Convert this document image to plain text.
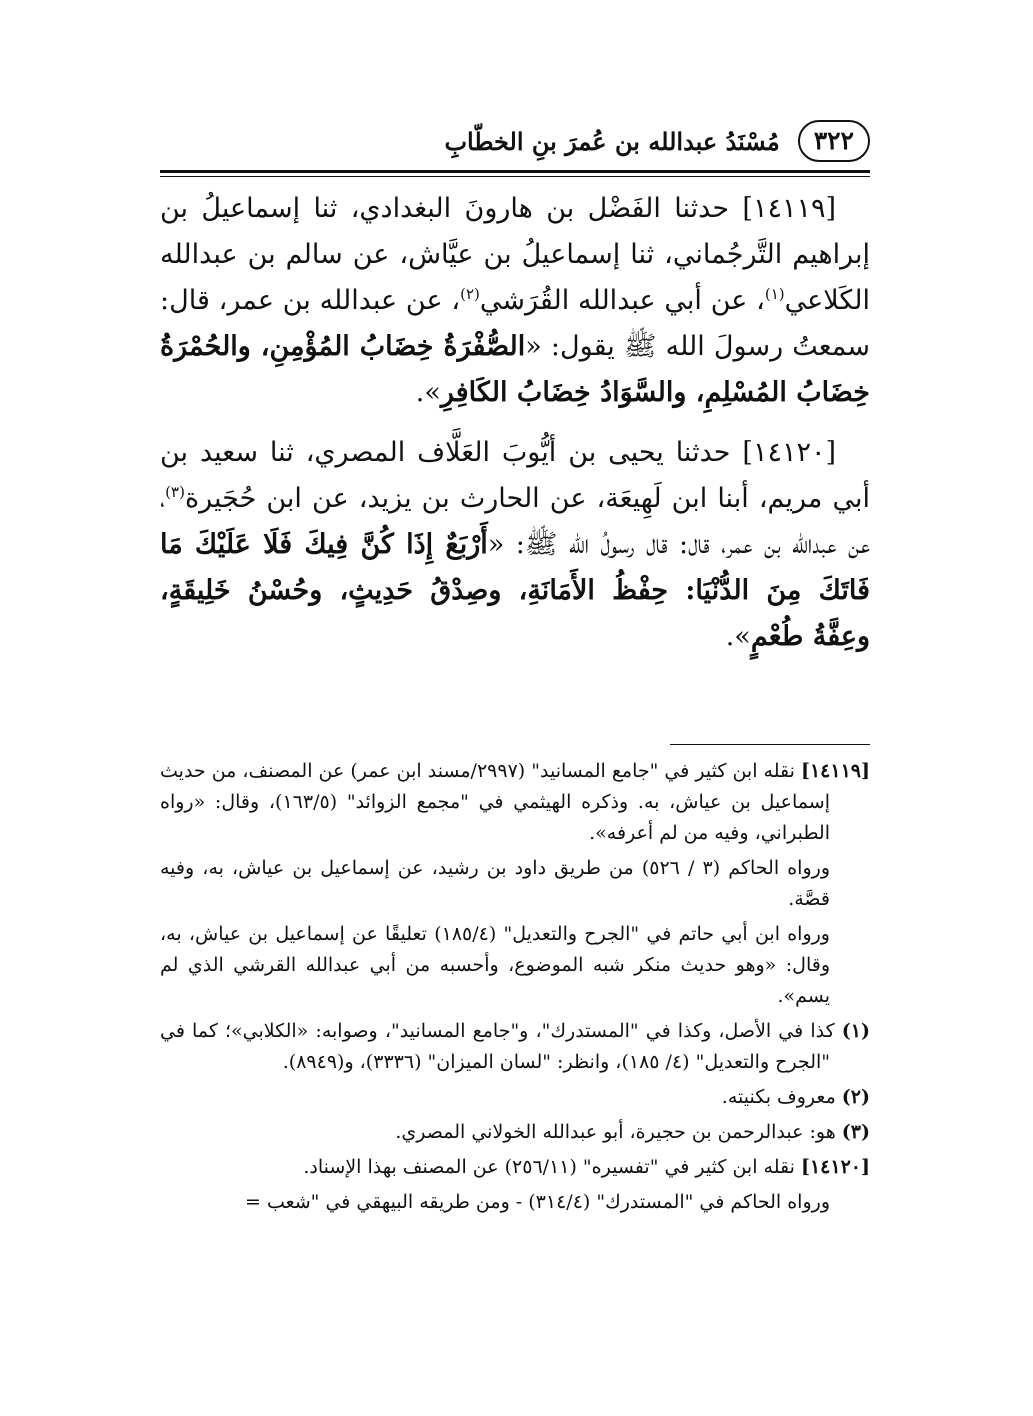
٣٢٢
مُسْنَدُ عبدالله بن عُمرَ بنِ الخطّابِ

[١٤١١٩] حدثنا الفَضْل بن هارونَ البغدادي، ثنا إسماعيلُ بن إبراهيم التَّرجُماني، ثنا إسماعيلُ بن عيَّاش، عن سالم بن عبدالله الكَلاعي$^{(١)}$، عن أبي عبدالله القُرَشي$^{(٢)}$، عن عبدالله بن عمر، قال: سمعتُ رسولَ الله ﷺ يقول: «الصُّفْرَةُ خِضَابُ المُؤْمِنِ، والحُمْرَةُ خِضَابُ المُسْلِمِ، والسَّوَادُ خِضَابُ الكَافِرِ».

[١٤١٢٠] حدثنا يحيى بن أيُّوبَ العَلَّاف المصري، ثنا سعيد بن أبي مريم، أبنا ابن لَهِيعَة، عن الحارث بن يزيد، عن ابن حُجَيرة$^{(٣)}$، عن عبدالله بن عمر، قال: قال رسولُ الله ﷺ: «أَرْبَعٌ إِذَا كُنَّ فِيكَ فَلَا عَلَيْكَ مَا فَاتَكَ مِنَ الدُّنْيَا: حِفْظُ الأَمَانَةِ، وصِدْقُ حَدِيثٍ، وحُسْنُ خَلِيقَةٍ، وعِفَّةُ طُعْمٍ».

[١٤١١٩] نقله ابن كثير في "جامع المسانيد" (٢٩٩٧/مسند ابن عمر) عن المصنف، من حديث إسماعيل بن عياش، به. وذكره الهيثمي في "مجمع الزوائد" (١٦٣/٥)، وقال: «رواه الطبراني، وفيه من لم أعرفه».

ورواه الحاكم (٣ / ٥٢٦) من طريق داود بن رشيد، عن إسماعيل بن عياش، به، وفيه قصَّة.

ورواه ابن أبي حاتم في "الجرح والتعديل" (١٨٥/٤) تعليقًا عن إسماعيل بن عياش، به، وقال: «وهو حديث منكر شبه الموضوع، وأحسبه من أبي عبدالله القرشي الذي لم يسم».

(١) كذا في الأصل، وكذا في "المستدرك"، و"جامع المسانيد"، وصوابه: «الكلابي»؛ كما في "الجرح والتعديل" (٤/ ١٨٥)، وانظر: "لسان الميزان" (٣٣٣٦)، و(٨٩٤٩).

(٢) معروف بكنيته.

(٣) هو: عبدالرحمن بن حجيرة، أبو عبدالله الخولاني المصري.

[١٤١٢٠] نقله ابن كثير في "تفسيره" (٢٥٦/١١) عن المصنف بهذا الإسناد.

ورواه الحاكم في "المستدرك" (٣١٤/٤) - ومن طريقه البيهقي في "شعب =
